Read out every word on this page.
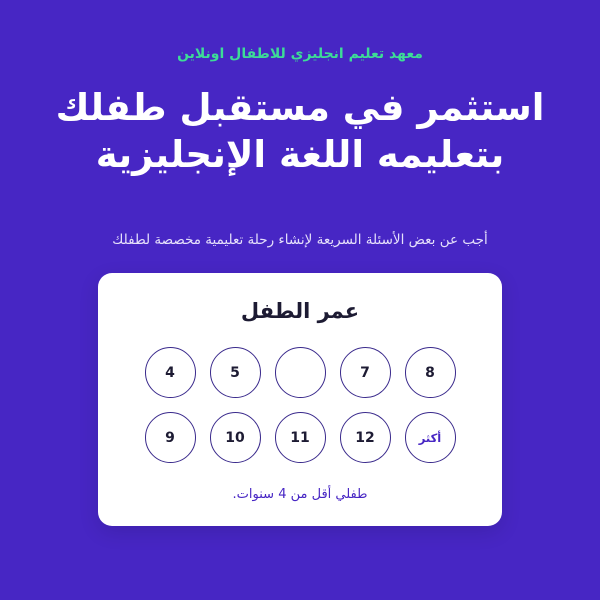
معهد تعليم انجليزي للاطفال اونلاين
استثمر في مستقبل طفلك بتعليمه اللغة الإنجليزية
أجب عن بعض الأسئلة السريعة لإنشاء رحلة تعليمية مخصصة لطفلك
عمر الطفل
8
7
5
4
أكثر
12
11
10
9
طفلي أقل من 4 سنوات.
